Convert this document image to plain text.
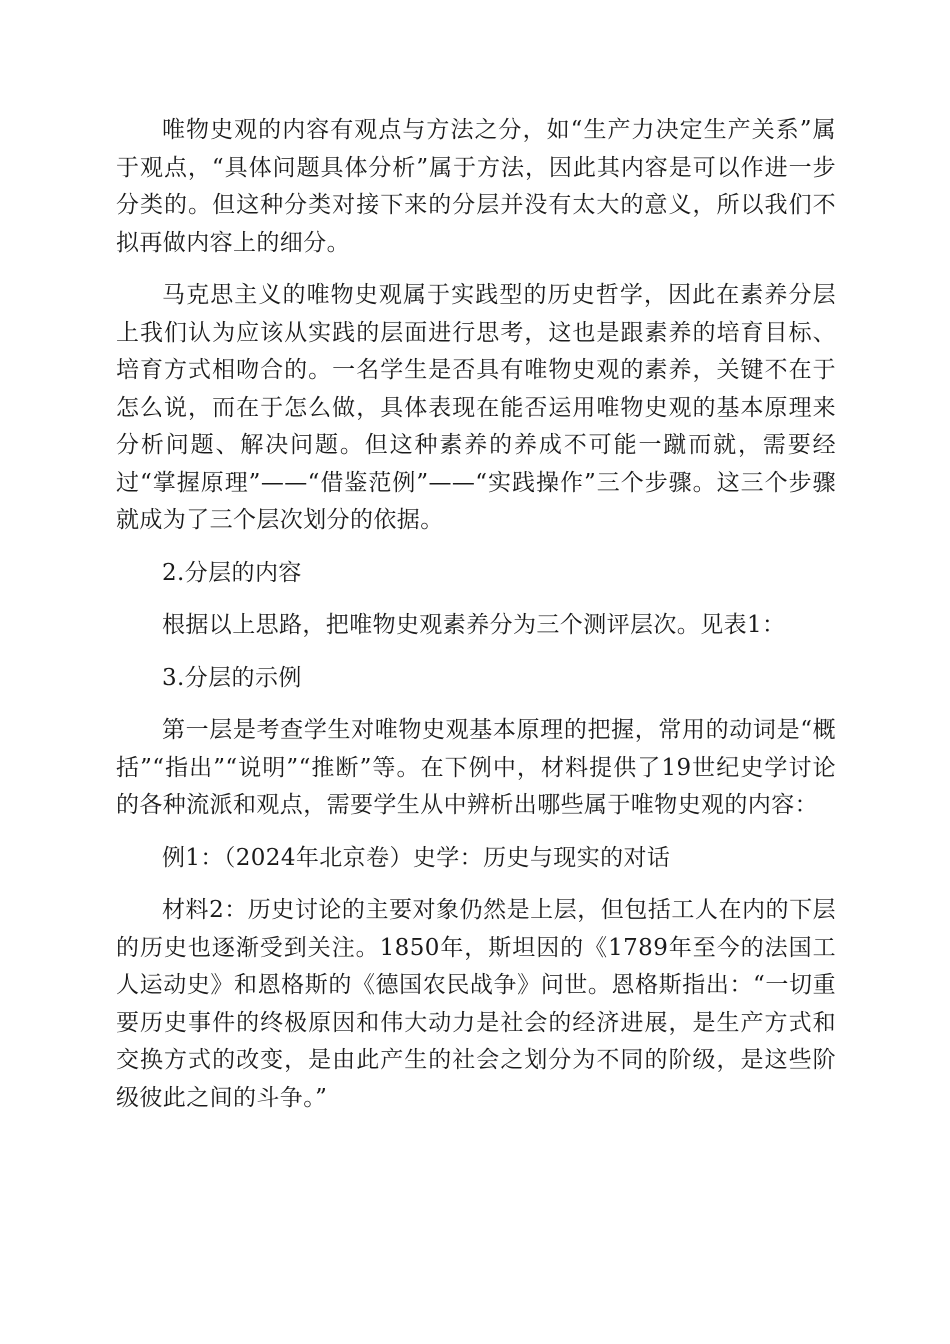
唯物史观的内容有观点与方法之分，如“生产力决定生产关系”属于观点，“具体问题具体分析”属于方法，因此其内容是可以作进一步分类的。但这种分类对接下来的分层并没有太大的意义，所以我们不拟再做内容上的细分。

马克思主义的唯物史观属于实践型的历史哲学，因此在素养分层上我们认为应该从实践的层面进行思考，这也是跟素养的培育目标、培育方式相吻合的。一名学生是否具有唯物史观的素养，关键不在于怎么说，而在于怎么做，具体表现在能否运用唯物史观的基本原理来分析问题、解决问题。但这种素养的养成不可能一蹴而就，需要经过“掌握原理”——“借鉴范例”——“实践操作”三个步骤。这三个步骤就成为了三个层次划分的依据。

2.分层的内容

根据以上思路，把唯物史观素养分为三个测评层次。见表1：

3.分层的示例

第一层是考查学生对唯物史观基本原理的把握，常用的动词是“概括”“指出”“说明”“推断”等。在下例中，材料提供了19世纪史学讨论的各种流派和观点，需要学生从中辨析出哪些属于唯物史观的内容：

例1：（2024年北京卷）史学：历史与现实的对话

材料2：历史讨论的主要对象仍然是上层，但包括工人在内的下层的历史也逐渐受到关注。1850年，斯坦因的《1789年至今的法国工人运动史》和恩格斯的《德国农民战争》问世。恩格斯指出：“一切重要历史事件的终极原因和伟大动力是社会的经济进展，是生产方式和交换方式的改变，是由此产生的社会之划分为不同的阶级，是这些阶级彼此之间的斗争。”
